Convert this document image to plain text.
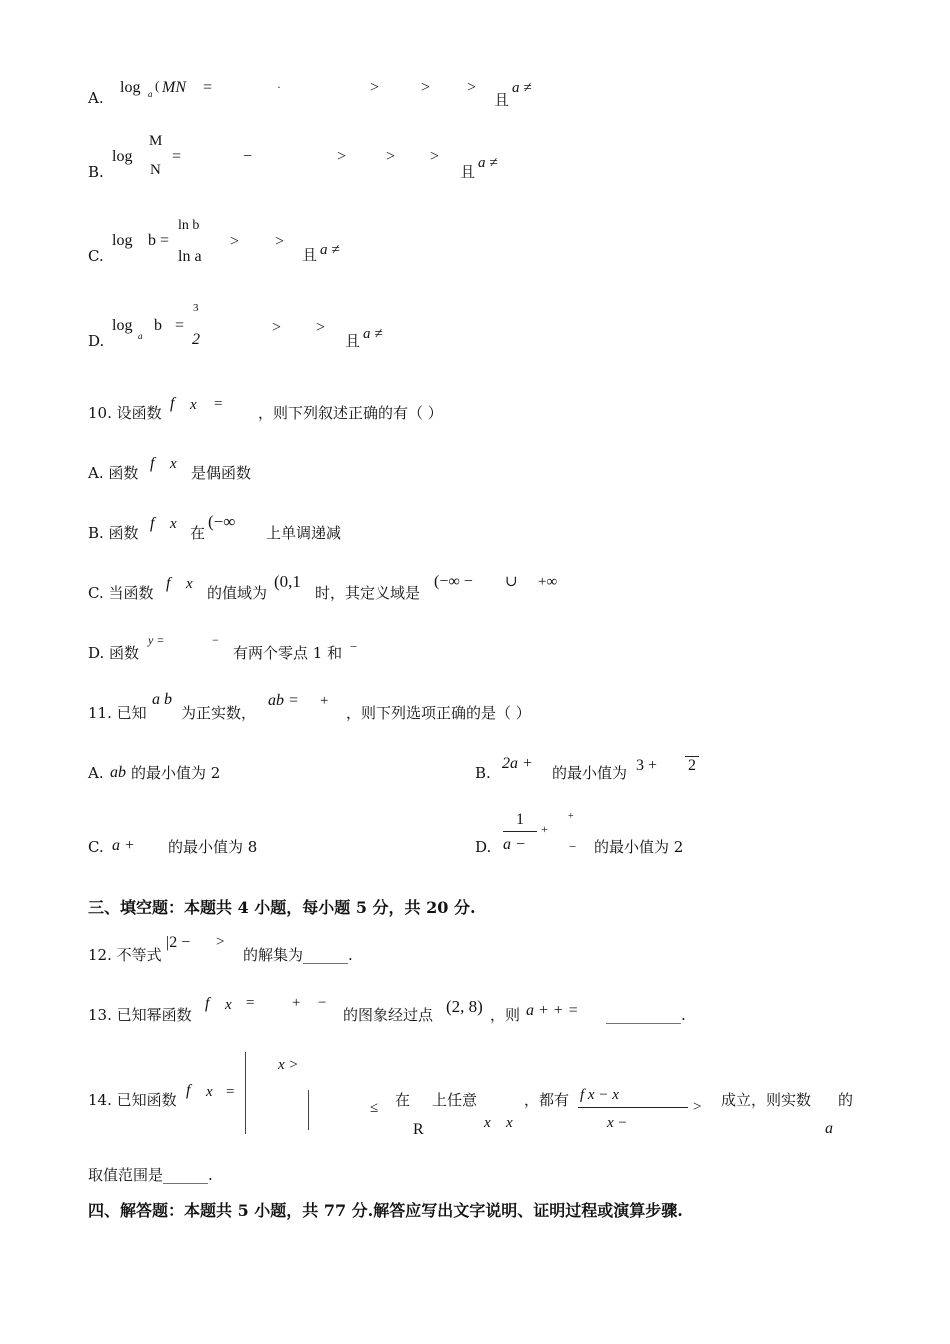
A.
log a
( MN =	·	>	> >
且
a ≠
B.
log
M
N
=	−	> > >
且 a ≠
C.
log b =
ln b
ln a
> >
且 a ≠
D.
log
a
b =
3
2
> >
且 a ≠
10. 设函数
f x = ，则下列叙述正确的有（ ）
A. 函数
f x 是偶函数
B. 函数
f x 在
(−∞
上单调递减
C. 当函数
f x 的值域为
(0,1
时，其定义域是
(−∞ − ∪ +∞
D. 函数
y =	−
有两个零点 1 和 −
11. 已知
a b
为正实数，
ab = +
，则下列选项正确的是（ ）
A. ab 的最小值为 2	B.
2a +
的最小值为 3 + 2
C. a + 的最小值为 8	D.
1
a −
+
+
− 的最小值为 2
三、填空题：本题共 4 小题，每小题 5 分，共 20 分.
12. 不等式
|2 − >
的解集为______.
13. 已知幂函数
f x =	+ −
的图象经过点 (2, 8) ，则 a + + = __________.
14. 已知函数
f x =
x >
≤ 在
R
上任意
x x
，都有 f x − x
x −
> 成立，则实数
a
的
取值范围是______.
四、解答题：本题共 5 小题，共 77 分.解答应写出文字说明、证明过程或演算步骤.
